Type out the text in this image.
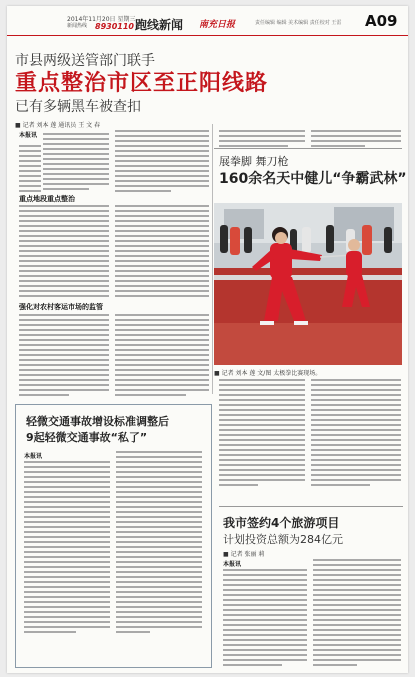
2014年11月20日 星期三
新闻热线 8930110 跑线新闻 南充日报	责任编辑 编辑 美术编辑 责任校对 王雷 A09
市县两级送管部门联手
重点整治市区至正阳线路
已有多辆黑车被查扣
■ 记者 刘本 莲 通讯员 王 文 春
本报讯
重点地段重点整治
强化对农村客运市场的监管
展拳脚 舞刀枪
160余名天中健儿“争霸武林”
■ 记者 刘本 莲 文/图 太极拳比赛现场。
轻微交通事故增设标准调整后
9起轻微交通事故“私了”
本报讯
我市签约4个旅游项目
计划投资总额为284亿元
■ 记者 张丽 莉
本报讯
